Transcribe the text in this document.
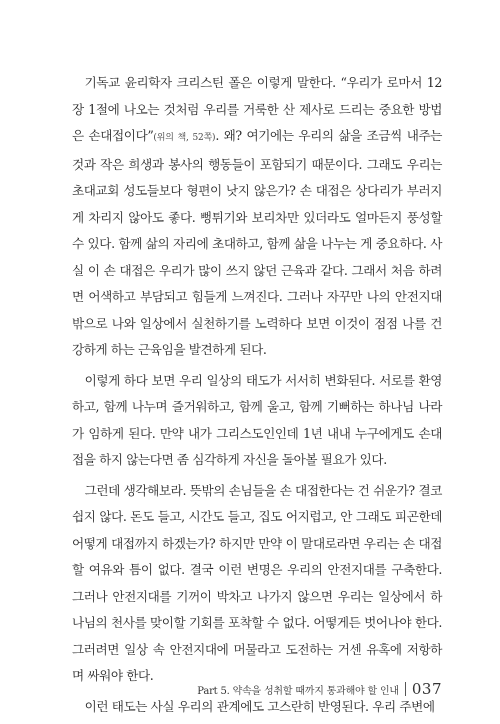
기독교 윤리학자 크리스틴 폴은 이렇게 말한다. “우리가 로마서 12장 1절에 나오는 것처럼 우리를 거룩한 산 제사로 드리는 중요한 방법은 손대접이다”(위의 책, 52쪽). 왜? 여기에는 우리의 삶을 조금씩 내주는 것과 작은 희생과 봉사의 행동들이 포함되기 때문이다. 그래도 우리는 초대교회 성도들보다 형편이 낫지 않은가? 손 대접은 상다리가 부러지게 차리지 않아도 좋다. 뻥튀기와 보리차만 있더라도 얼마든지 풍성할 수 있다. 함께 삶의 자리에 초대하고, 함께 삶을 나누는 게 중요하다. 사실 이 손 대접은 우리가 많이 쓰지 않던 근육과 같다. 그래서 처음 하려면 어색하고 부담되고 힘들게 느껴진다. 그러나 자꾸만 나의 안전지대 밖으로 나와 일상에서 실천하기를 노력하다 보면 이것이 점점 나를 건강하게 하는 근육임을 발견하게 된다.

이렇게 하다 보면 우리 일상의 태도가 서서히 변화된다. 서로를 환영하고, 함께 나누며 즐거워하고, 함께 울고, 함께 기뻐하는 하나님 나라가 임하게 된다. 만약 내가 그리스도인인데 1년 내내 누구에게도 손대접을 하지 않는다면 좀 심각하게 자신을 돌아볼 필요가 있다.

그런데 생각해보라. 뜻밖의 손님들을 손 대접한다는 건 쉬운가? 결코 쉽지 않다. 돈도 들고, 시간도 들고, 집도 어지럽고, 안 그래도 피곤한데 어떻게 대접까지 하겠는가? 하지만 만약 이 말대로라면 우리는 손 대접할 여유와 틈이 없다. 결국 이런 변명은 우리의 안전지대를 구축한다. 그러나 안전지대를 기꺼이 박차고 나가지 않으면 우리는 일상에서 하나님의 천사를 맞이할 기회를 포착할 수 없다. 어떻게든 벗어나야 한다. 그러려면 일상 속 안전지대에 머물라고 도전하는 거센 유혹에 저항하며 싸워야 한다.

이런 태도는 사실 우리의 관계에도 고스란히 반영된다. 우리 주변에

Part 5. 약속을 성취할 때까지 통과해야 할 인내 037
